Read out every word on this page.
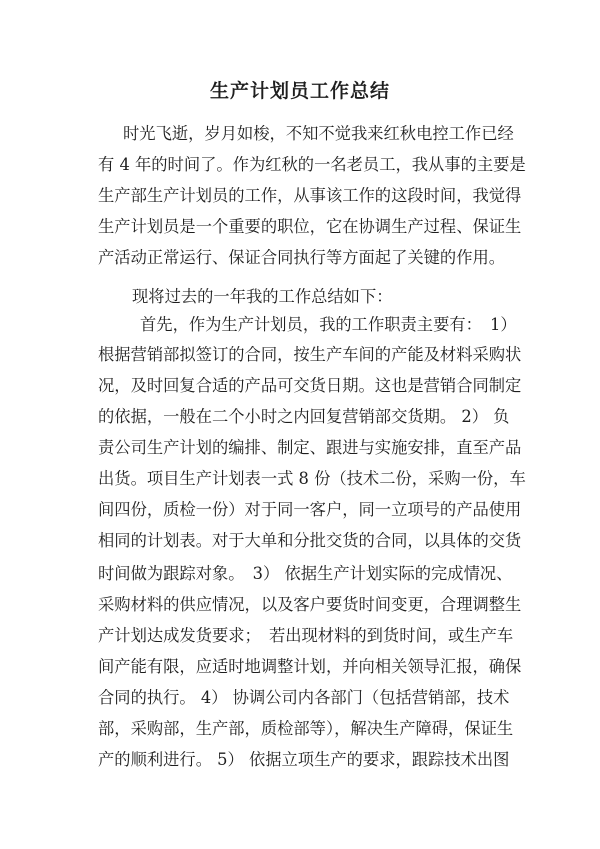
生产计划员工作总结
时光飞逝，岁月如梭，不知不觉我来红秋电控工作已经
有 4 年的时间了。作为红秋的一名老员工，我从事的主要是
生产部生产计划员的工作，从事该工作的这段时间，我觉得
生产计划员是一个重要的职位，它在协调生产过程、保证生
产活动正常运行、保证合同执行等方面起了关键的作用。
现将过去的一年我的工作总结如下：
首先，作为生产计划员，我的工作职责主要有：　1）
根据营销部拟签订的合同，按生产车间的产能及材料采购状
况，及时回复合适的产品可交货日期。这也是营销合同制定
的依据，一般在二个小时之内回复营销部交货期。 2） 负
责公司生产计划的编排、制定、跟进与实施安排，直至产品
出货。项目生产计划表一式 8 份（技术二份，采购一份，车
间四份，质检一份）对于同一客户，同一立项号的产品使用
相同的计划表。对于大单和分批交货的合同，以具体的交货
时间做为跟踪对象。　3） 依据生产计划实际的完成情况、
采购材料的供应情况，以及客户要货时间变更，合理调整生
产计划达成发货要求；　若出现材料的到货时间，或生产车
间产能有限，应适时地调整计划，并向相关领导汇报，确保
合同的执行。 4） 协调公司内各部门（包括营销部，技术
部，采购部，生产部，质检部等），解决生产障碍，保证生
产的顺利进行。 5） 依据立项生产的要求，跟踪技术出图
